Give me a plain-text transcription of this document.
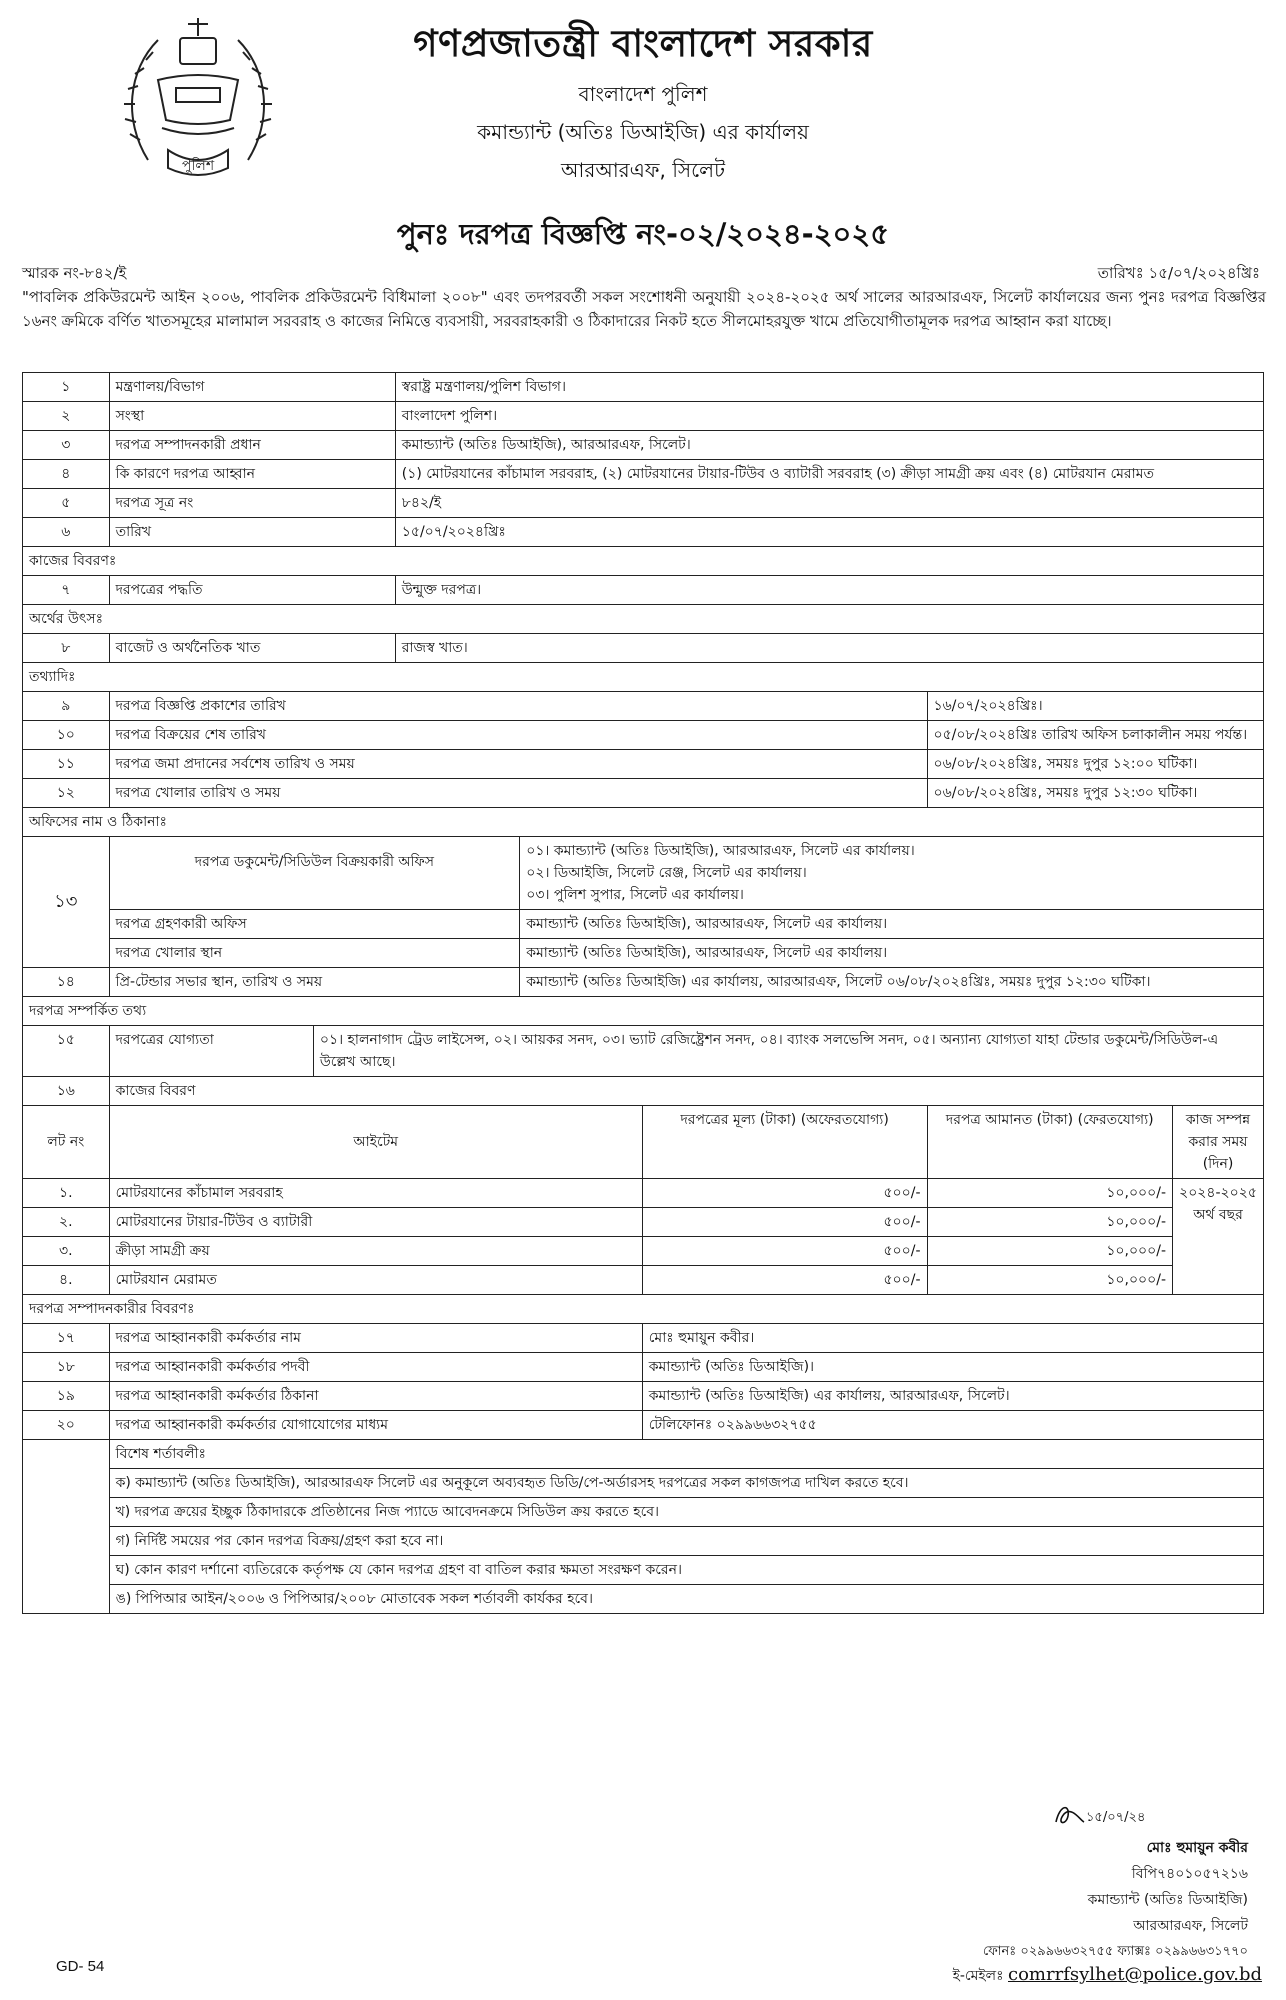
পুলিশ
গণপ্রজাতন্ত্রী বাংলাদেশ সরকার
বাংলাদেশ পুলিশ
কমান্ড্যান্ট (অতিঃ ডিআইজি) এর কার্যালয়
আরআরএফ, সিলেট
পুনঃ দরপত্র বিজ্ঞপ্তি নং-০২/২০২৪-২০২৫
স্মারক নং-৮৪২/ই	তারিখঃ ১৫/০৭/২০২৪খ্রিঃ
"পাবলিক প্রকিউরমেন্ট আইন ২০০৬, পাবলিক প্রকিউরমেন্ট বিধিমালা ২০০৮" এবং তদপরবর্তী সকল সংশোধনী অনুযায়ী ২০২৪-২০২৫ অর্থ সালের আরআরএফ, সিলেট কার্যালয়ের জন্য পুনঃ দরপত্র বিজ্ঞপ্তির ১৬নং ক্রমিকে বর্ণিত খাতসমূহের মালামাল সরবরাহ ও কাজের নিমিত্তে ব্যবসায়ী, সরবরাহকারী ও ঠিকাদারের নিকট হতে সীলমোহরযুক্ত খামে প্রতিযোগীতামূলক দরপত্র আহ্বান করা যাচ্ছে।
১	মন্ত্রণালয়/বিভাগ		স্বরাষ্ট্র মন্ত্রণালয়/পুলিশ বিভাগ।				
২	সংস্থা		বাংলাদেশ পুলিশ।				
৩	দরপত্র সম্পাদনকারী প্রধান		কমান্ড্যান্ট (অতিঃ ডিআইজি), আরআরএফ, সিলেট।				
৪	কি কারণে দরপত্র আহ্বান		(১) মোটরযানের কাঁচামাল সরবরাহ, (২) মোটরযানের টায়ার-টিউব ও ব্যাটারী সরবরাহ (৩) ক্রীড়া সামগ্রী ক্রয় এবং (৪) মোটরযান মেরামত				
৫	দরপত্র সূত্র নং		৮৪২/ই				
৬	তারিখ		১৫/০৭/২০২৪খ্রিঃ				
কাজের বিবরণঃ							
৭	দরপত্রের পদ্ধতি		উন্মুক্ত দরপত্র।				
অর্থের উৎসঃ							
৮	বাজেট ও অর্থনৈতিক খাত		রাজস্ব খাত।				
তথ্যাদিঃ							
৯	দরপত্র বিজ্ঞপ্তি প্রকাশের তারিখ					১৬/০৭/২০২৪খ্রিঃ।	
১০	দরপত্র বিক্রয়ের শেষ তারিখ					০৫/০৮/২০২৪খ্রিঃ তারিখ অফিস চলাকালীন সময় পর্যন্ত।	
১১	দরপত্র জমা প্রদানের সর্বশেষ তারিখ ও সময়					০৬/০৮/২০২৪খ্রিঃ, সময়ঃ দুপুর ১২:০০ ঘটিকা।	
১২	দরপত্র খোলার তারিখ ও সময়					০৬/০৮/২০২৪খ্রিঃ, সময়ঃ দুপুর ১২:৩০ ঘটিকা।	
অফিসের নাম ও ঠিকানাঃ							
১৩	দরপত্র ডকুমেন্ট/সিডিউল বিক্রয়কারী অফিস			০১। কমান্ড্যান্ট (অতিঃ ডিআইজি), আরআরএফ, সিলেট এর কার্যালয়।
০২। ডিআইজি, সিলেট রেঞ্জ, সিলেট এর কার্যালয়।
০৩। পুলিশ সুপার, সিলেট এর কার্যালয়।			

	দরপত্র গ্রহণকারী অফিস			কমান্ড্যান্ট (অতিঃ ডিআইজি), আরআরএফ, সিলেট এর কার্যালয়।			
	দরপত্র খোলার স্থান			কমান্ড্যান্ট (অতিঃ ডিআইজি), আরআরএফ, সিলেট এর কার্যালয়।			
১৪	প্রি-টেন্ডার সভার স্থান, তারিখ ও সময়			কমান্ড্যান্ট (অতিঃ ডিআইজি) এর কার্যালয়, আরআরএফ, সিলেট ০৬/০৮/২০২৪খ্রিঃ, সময়ঃ দুপুর ১২:৩০ ঘটিকা।			
দরপত্র সম্পর্কিত তথ্য							
১৫	দরপত্রের যোগ্যতা	০১। হালনাগাদ ট্রেড লাইসেন্স, ০২। আয়কর সনদ, ০৩। ভ্যাট রেজিষ্ট্রেশন সনদ, ০৪। ব্যাংক সলভেন্সি সনদ, ০৫। অন্যান্য যোগ্যতা যাহা টেন্ডার ডকুমেন্ট/সিডিউল-এ উল্লেখ আছে।					
১৬	কাজের বিবরণ						
লট নং	আইটেম				দরপত্রের মূল্য (টাকা) (অফেরতযোগ্য)	দরপত্র আমানত (টাকা) (ফেরতযোগ্য)	কাজ সম্পন্ন করার সময় (দিন)
১.	মোটরযানের কাঁচামাল সরবরাহ				৫০০/-	১০,০০০/-	২০২৪-২০২৫ অর্থ বছর
২.	মোটরযানের টায়ার-টিউব ও ব্যাটারী				৫০০/-	১০,০০০/-	
৩.	ক্রীড়া সামগ্রী ক্রয়				৫০০/-	১০,০০০/-	
৪.	মোটরযান মেরামত				৫০০/-	১০,০০০/-	
দরপত্র সম্পাদনকারীর বিবরণঃ							
১৭	দরপত্র আহ্বানকারী কর্মকর্তার নাম				মোঃ হুমায়ুন কবীর।		
১৮	দরপত্র আহ্বানকারী কর্মকর্তার পদবী				কমান্ড্যান্ট (অতিঃ ডিআইজি)।		
১৯	দরপত্র আহ্বানকারী কর্মকর্তার ঠিকানা				কমান্ড্যান্ট (অতিঃ ডিআইজি) এর কার্যালয়, আরআরএফ, সিলেট।		
২০	দরপত্র আহ্বানকারী কর্মকর্তার যোগাযোগের মাধ্যম				টেলিফোনঃ ০২৯৯৬৬৩২৭৫৫		
	বিশেষ শর্তাবলীঃ						
	ক) কমান্ড্যান্ট (অতিঃ ডিআইজি), আরআরএফ সিলেট এর অনুকূলে অব্যবহৃত ডিডি/পে-অর্ডারসহ দরপত্রের সকল কাগজপত্র দাখিল করতে হবে।						
	খ) দরপত্র ক্রয়ের ইচ্ছুক ঠিকাদারকে প্রতিষ্ঠানের নিজ প্যাডে আবেদনক্রমে সিডিউল ক্রয় করতে হবে।						
	গ) নির্দিষ্ট সময়ের পর কোন দরপত্র বিক্রয়/গ্রহণ করা হবে না।						
	ঘ) কোন কারণ দর্শানো ব্যতিরেকে কর্তৃপক্ষ যে কোন দরপত্র গ্রহণ বা বাতিল করার ক্ষমতা সংরক্ষণ করেন।						
	ঙ) পিপিআর আইন/২০০৬ ও পিপিআর/২০০৮ মোতাবেক সকল শর্তাবলী কার্যকর হবে।						
১৫/০৭/২৪
মোঃ হুমায়ুন কবীর
বিপি৭৪০১০৫৭২১৬
কমান্ড্যান্ট (অতিঃ ডিআইজি)
আরআরএফ, সিলেট
ফোনঃ ০২৯৯৬৬৩২৭৫৫ ফ্যাক্সঃ ০২৯৯৬৬৩১৭৭০
ই-মেইলঃ comrrfsylhet@police.gov.bd
GD- 54
